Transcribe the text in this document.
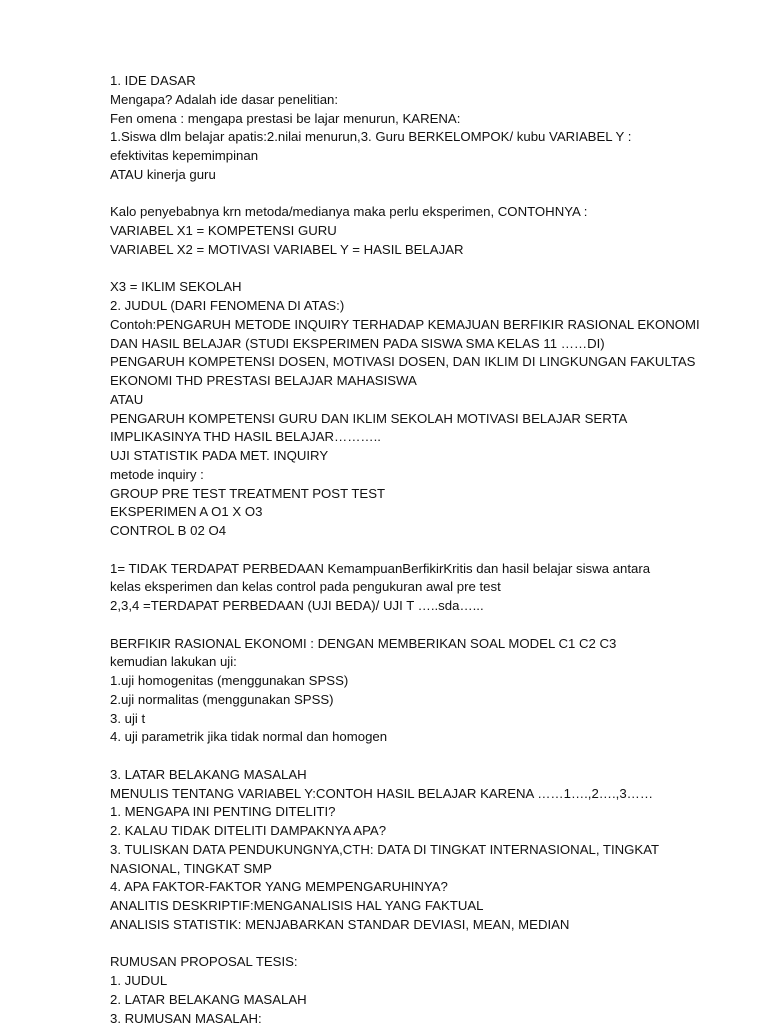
1. IDE DASAR
Mengapa? Adalah ide dasar penelitian:
Fen omena : mengapa prestasi be lajar menurun, KARENA:
1.Siswa dlm belajar apatis:2.nilai menurun,3. Guru BERKELOMPOK/ kubu VARIABEL Y :
efektivitas kepemimpinan
ATAU kinerja guru
Kalo penyebabnya krn metoda/medianya maka perlu eksperimen, CONTOHNYA :
VARIABEL X1 = KOMPETENSI GURU
VARIABEL X2 = MOTIVASI VARIABEL Y = HASIL BELAJAR
X3 = IKLIM SEKOLAH
2. JUDUL (DARI FENOMENA DI ATAS:)
Contoh:PENGARUH METODE INQUIRY TERHADAP KEMAJUAN BERFIKIR RASIONAL EKONOMI
DAN HASIL BELAJAR (STUDI EKSPERIMEN PADA SISWA SMA KELAS 11 ……DI)
PENGARUH KOMPETENSI DOSEN, MOTIVASI DOSEN, DAN IKLIM DI LINGKUNGAN FAKULTAS
EKONOMI THD PRESTASI BELAJAR MAHASISWA
ATAU
PENGARUH KOMPETENSI GURU DAN IKLIM SEKOLAH MOTIVASI BELAJAR SERTA
IMPLIKASINYA THD HASIL BELAJAR………..
UJI STATISTIK PADA MET. INQUIRY
metode inquiry :
GROUP PRE TEST TREATMENT POST TEST
EKSPERIMEN A O1 X O3
CONTROL B 02 O4
1= TIDAK TERDAPAT PERBEDAAN KemampuanBerfikirKritis dan hasil belajar siswa antara
kelas eksperimen dan kelas control pada pengukuran awal pre test
2,3,4 =TERDAPAT PERBEDAAN (UJI BEDA)/ UJI T …..sda…...
BERFIKIR RASIONAL EKONOMI : DENGAN MEMBERIKAN SOAL MODEL C1 C2 C3
kemudian lakukan uji:
1.uji homogenitas (menggunakan SPSS)
2.uji normalitas (menggunakan SPSS)
3. uji t
4. uji parametrik jika tidak normal dan homogen
3. LATAR BELAKANG MASALAH
MENULIS TENTANG VARIABEL Y:CONTOH HASIL BELAJAR KARENA ……1….,2….,3……
1. MENGAPA INI PENTING DITELITI?
2. KALAU TIDAK DITELITI DAMPAKNYA APA?
3. TULISKAN DATA PENDUKUNGNYA,CTH: DATA DI TINGKAT INTERNASIONAL, TINGKAT
NASIONAL, TINGKAT SMP
4. APA FAKTOR-FAKTOR YANG MEMPENGARUHINYA?
ANALITIS DESKRIPTIF:MENGANALISIS HAL YANG FAKTUAL
ANALISIS STATISTIK: MENJABARKAN STANDAR DEVIASI, MEAN, MEDIAN
RUMUSAN PROPOSAL TESIS:
1. JUDUL
2. LATAR BELAKANG MASALAH
3. RUMUSAN MASALAH:
